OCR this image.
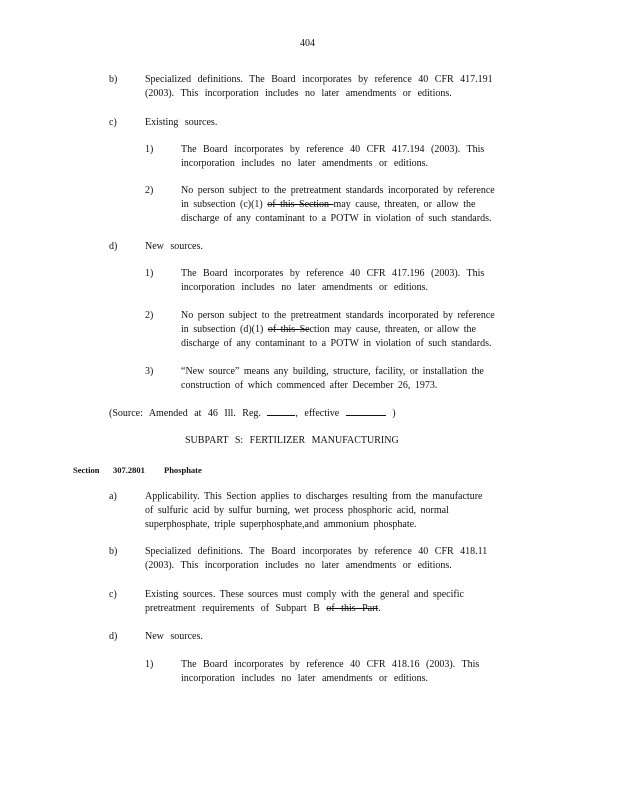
404
b)	Specialized definitions. The Board incorporates by reference 40 CFR 417.191
(2003). This incorporation includes no later amendments or editions.
c)	Existing sources.
1)	The Board incorporates by reference 40 CFR 417.194 (2003). This
incorporation includes no later amendments or editions.
2)	No person subject to the pretreatment standards incorporated by reference
in subsection (c)(1) of this Section may cause, threaten, or allow the
discharge of any contaminant to a POTW in violation of such standards.
d)	New sources.
1)	The Board incorporates by reference 40 CFR 417.196 (2003). This
incorporation includes no later amendments or editions.
2)	No person subject to the pretreatment standards incorporated by reference
in subsection (d)(1) of this Section may cause, threaten, or allow the
discharge of any contaminant to a POTW in violation of such standards.
3)	“New source” means any building, structure, facility, or installation the
construction of which commenced after December 26, 1973.
(Source: Amended at 46 Ill. Reg.	, effective	)
SUBPART S: FERTILIZER MANUFACTURING
Section 307.2801 Phosphate
a)	Applicability. This Section applies to discharges resulting from the manufacture
of sulfuric acid by sulfur burning, wet process phosphoric acid, normal
superphosphate, triple superphosphate,and ammonium phosphate.
b)	Specialized definitions. The Board incorporates by reference 40 CFR 418.11
(2003). This incorporation includes no later amendments or editions.
c)	Existing sources. These sources must comply with the general and specific
pretreatment requirements of Subpart B of this Part.
d)	New sources.
1)	The Board incorporates by reference 40 CFR 418.16 (2003). This
incorporation includes no later amendments or editions.
